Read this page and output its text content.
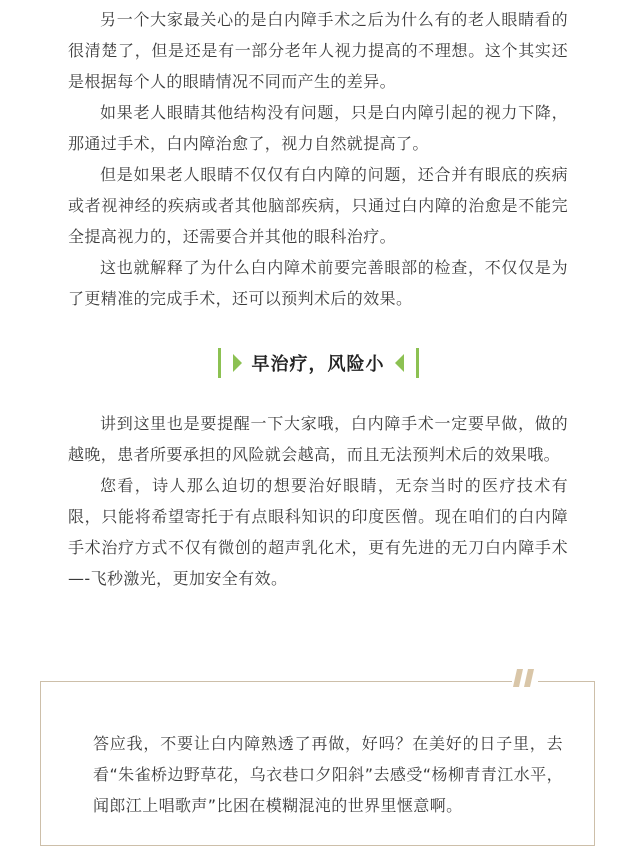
另一个大家最关心的是白内障手术之后为什么有的老人眼睛看的很清楚了，但是还是有一部分老年人视力提高的不理想。这个其实还是根据每个人的眼睛情况不同而产生的差异。

如果老人眼睛其他结构没有问题，只是白内障引起的视力下降，那通过手术，白内障治愈了，视力自然就提高了。

但是如果老人眼睛不仅仅有白内障的问题，还合并有眼底的疾病或者视神经的疾病或者其他脑部疾病，只通过白内障的治愈是不能完全提高视力的，还需要合并其他的眼科治疗。

这也就解释了为什么白内障术前要完善眼部的检查，不仅仅是为了更精准的完成手术，还可以预判术后的效果。

早治疗，风险小

讲到这里也是要提醒一下大家哦，白内障手术一定要早做，做的越晚，患者所要承担的风险就会越高，而且无法预判术后的效果哦。

您看，诗人那么迫切的想要治好眼睛，无奈当时的医疗技术有限，只能将希望寄托于有点眼科知识的印度医僧。现在咱们的白内障手术治疗方式不仅有微创的超声乳化术，更有先进的无刀白内障手术—-飞秒激光，更加安全有效。

答应我，不要让白内障熟透了再做，好吗？在美好的日子里，去看“朱雀桥边野草花，乌衣巷口夕阳斜”去感受“杨柳青青江水平，闻郎江上唱歌声”比困在模糊混沌的世界里惬意啊。
